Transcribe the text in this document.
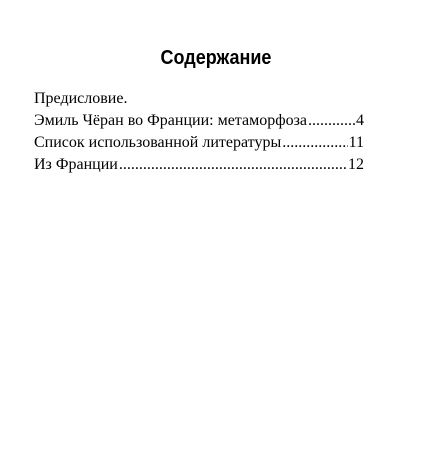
Содержание
Предисловие.
Эмиль Чёран во Франции: метаморфоза .....	4
Список использованной литературы .....	11
Из Франции .....	12
